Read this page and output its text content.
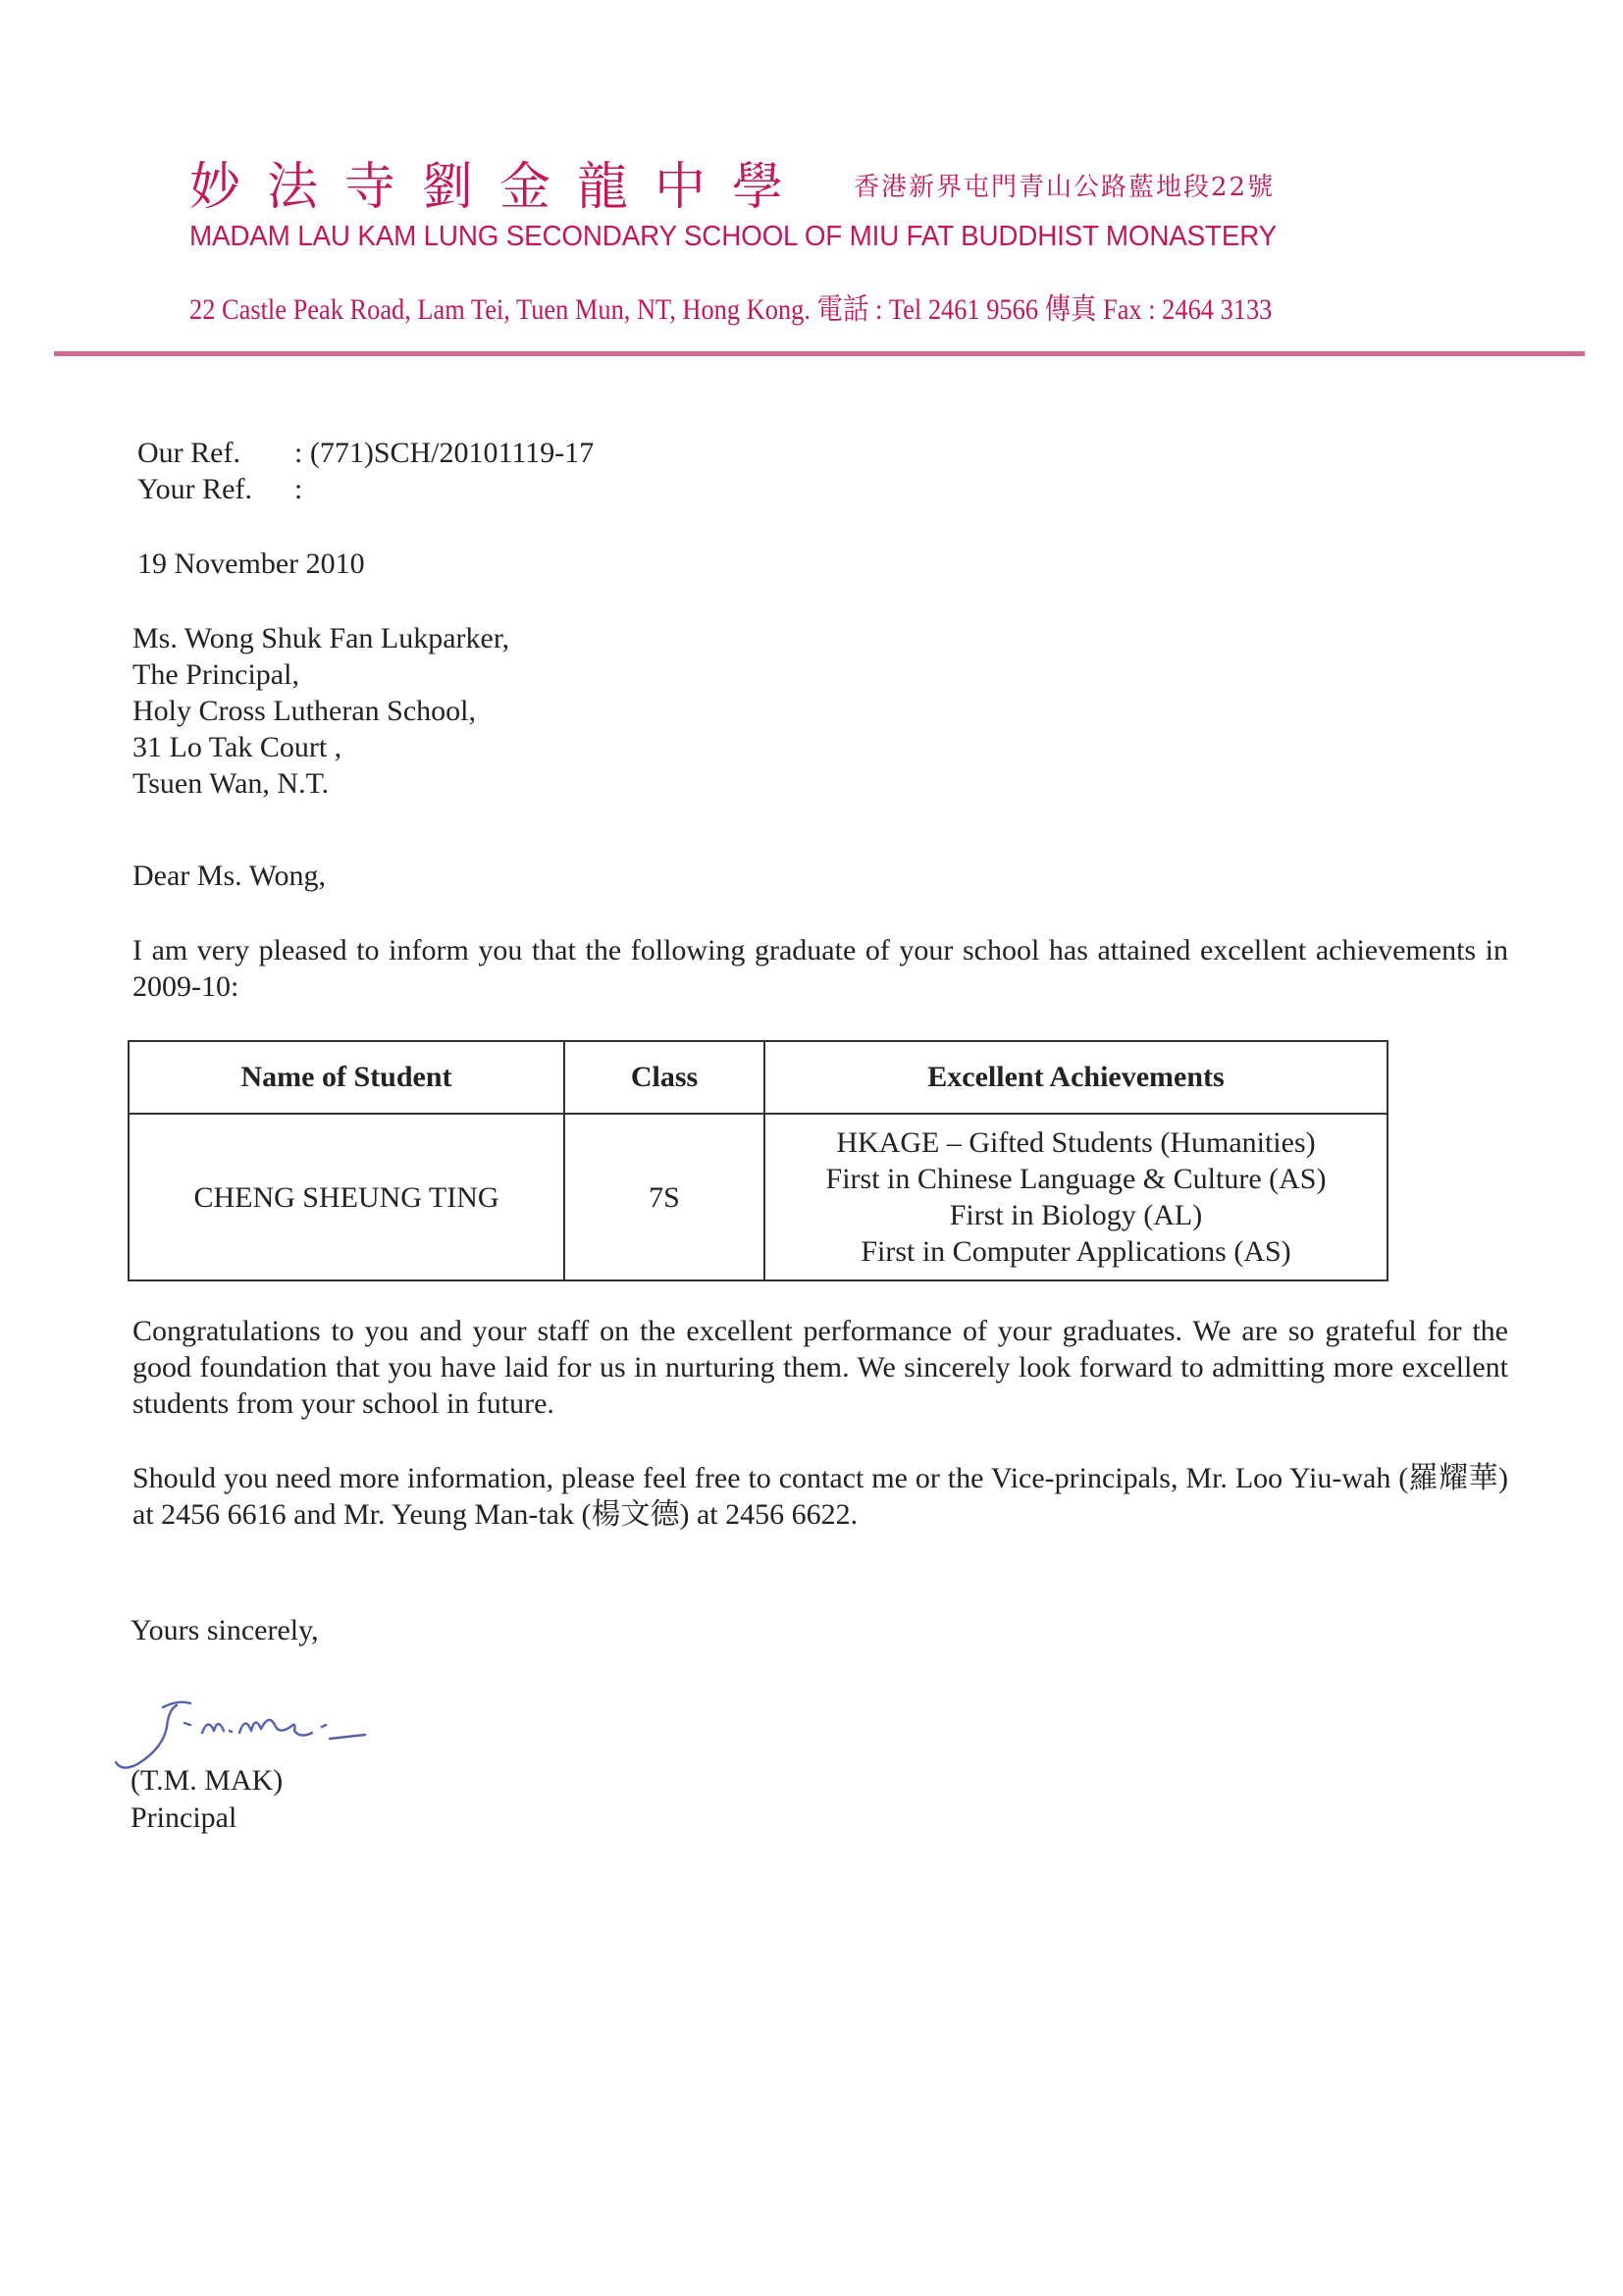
妙法寺劉金龍中學 香港新界屯門青山公路藍地段22號
MADAM LAU KAM LUNG SECONDARY SCHOOL OF MIU FAT BUDDHIST MONASTERY
22 Castle Peak Road, Lam Tei, Tuen Mun, NT, Hong Kong. 電話 : Tel 2461 9566 傳真 Fax : 2464 3133
Our Ref. : (771)SCH/20101119-17
Your Ref. :
19 November 2010
Ms. Wong Shuk Fan Lukparker,
The Principal,
Holy Cross Lutheran School,
31 Lo Tak Court ,
Tsuen Wan, N.T.
Dear Ms. Wong,
I am very pleased to inform you that the following graduate of your school has attained excellent achievements in 2009-10:
Name of Student	Class	Excellent Achievements
CHENG SHEUNG TING	7S	HKAGE – Gifted Students (Humanities)
First in Chinese Language & Culture (AS)
First in Biology (AL)
First in Computer Applications (AS)
Congratulations to you and your staff on the excellent performance of your graduates. We are so grateful for the good foundation that you have laid for us in nurturing them. We sincerely look forward to admitting more excellent students from your school in future.
Should you need more information, please feel free to contact me or the Vice-principals, Mr. Loo Yiu-wah (羅耀華) at 2456 6616 and Mr. Yeung Man-tak (楊文德) at 2456 6622.
Yours sincerely,
(T.M. MAK)
Principal
